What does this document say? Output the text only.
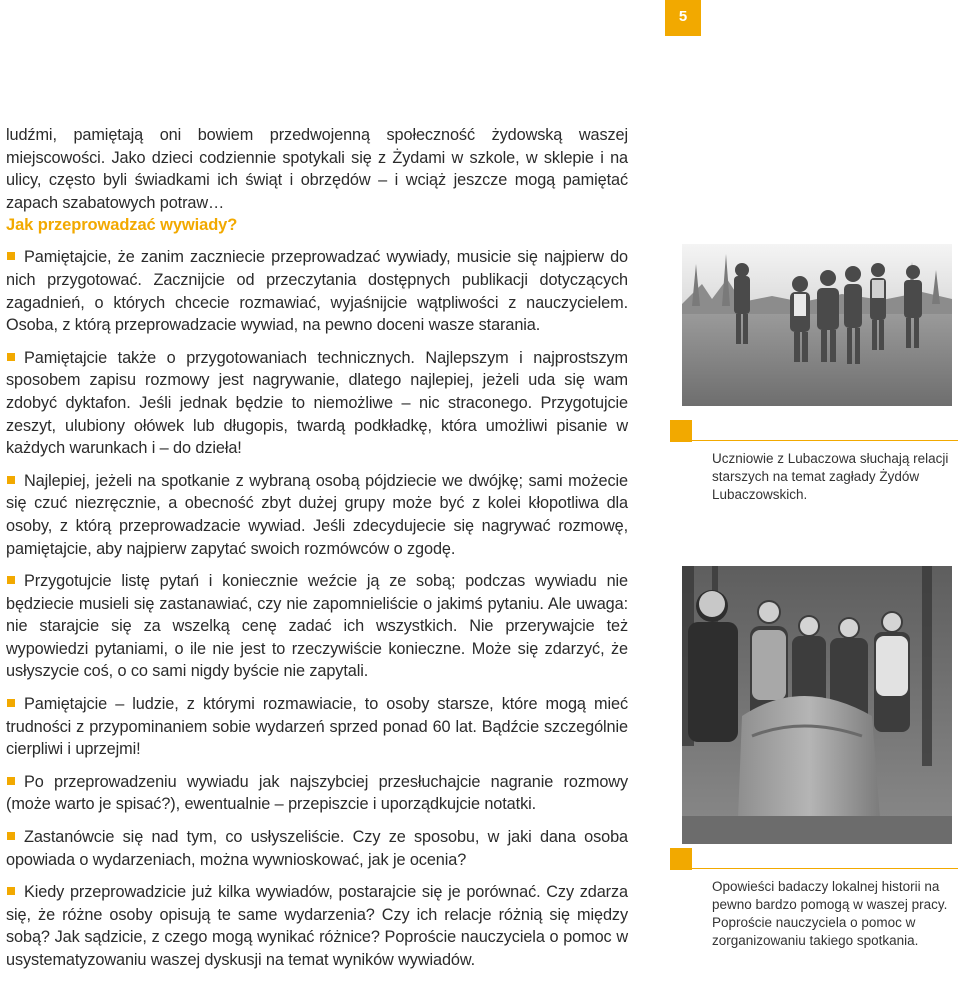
5

ludźmi, pamiętają oni bowiem przedwojenną społeczność żydowską waszej miejscowości. Jako dzieci codziennie spotykali się z Żydami w szkole, w sklepie i na ulicy, często byli świadkami ich świąt i obrzędów – i wciąż jeszcze mogą pamiętać zapach szabatowych potraw…

Jak przeprowadzać wywiady?

Pamiętajcie, że zanim zaczniecie przeprowadzać wywiady, musicie się najpierw do nich przygotować. Zacznijcie od przeczytania dostępnych publikacji dotyczących zagadnień, o których chcecie rozmawiać, wyjaśnijcie wątpliwości z nauczycielem. Osoba, z którą przeprowadzacie wywiad, na pewno doceni wasze starania.

Pamiętajcie także o przygotowaniach technicznych. Najlepszym i najprostszym sposobem zapisu rozmowy jest nagrywanie, dlatego najlepiej, jeżeli uda się wam zdobyć dyktafon. Jeśli jednak będzie to niemożliwe – nic straconego. Przygotujcie zeszyt, ulubiony ołówek lub długopis, twardą podkładkę, która umożliwi pisanie w każdych warunkach i – do dzieła!

Najlepiej, jeżeli na spotkanie z wybraną osobą pójdziecie we dwójkę; sami możecie się czuć niezręcznie, a obecność zbyt dużej grupy może być z kolei kłopotliwa dla osoby, z którą przeprowadzacie wywiad. Jeśli zdecydujecie się nagrywać rozmowę, pamiętajcie, aby najpierw zapytać swoich rozmówców o zgodę.

Przygotujcie listę pytań i koniecznie weźcie ją ze sobą; podczas wywiadu nie będziecie musieli się zastanawiać, czy nie zapomnieliście o jakimś pytaniu. Ale uwaga: nie starajcie się za wszelką cenę zadać ich wszystkich. Nie przerywajcie też wypowiedzi pytaniami, o ile nie jest to rzeczywiście konieczne. Może się zdarzyć, że usłyszycie coś, o co sami nigdy byście nie zapytali.

Pamiętajcie – ludzie, z którymi rozmawiacie, to osoby starsze, które mogą mieć trudności z przypominaniem sobie wydarzeń sprzed ponad 60 lat. Bądźcie szczególnie cierpliwi i uprzejmi!

Po przeprowadzeniu wywiadu jak najszybciej przesłuchajcie nagranie rozmowy (może warto je spisać?), ewentualnie – przepiszcie i uporządkujcie notatki.

Zastanówcie się nad tym, co usłyszeliście. Czy ze sposobu, w jaki dana osoba opowiada o wydarzeniach, można wywnioskować, jak je ocenia?

Kiedy przeprowadzicie już kilka wywiadów, postarajcie się je porównać. Czy zdarza się, że różne osoby opisują te same wydarzenia? Czy ich relacje różnią się między sobą? Jak sądzicie, z czego mogą wynikać różnice? Poproście nauczyciela o pomoc w usystematyzowaniu waszej dyskusji na temat wyników wywiadów.

Uczniowie z Lubaczowa słuchają relacji starszych na temat zagłady Żydów Lubaczowskich.
Opowieści badaczy lokalnej historii na pewno bardzo pomogą w waszej pracy. Poproście nauczyciela o pomoc w zorganizowaniu takiego spotkania.
